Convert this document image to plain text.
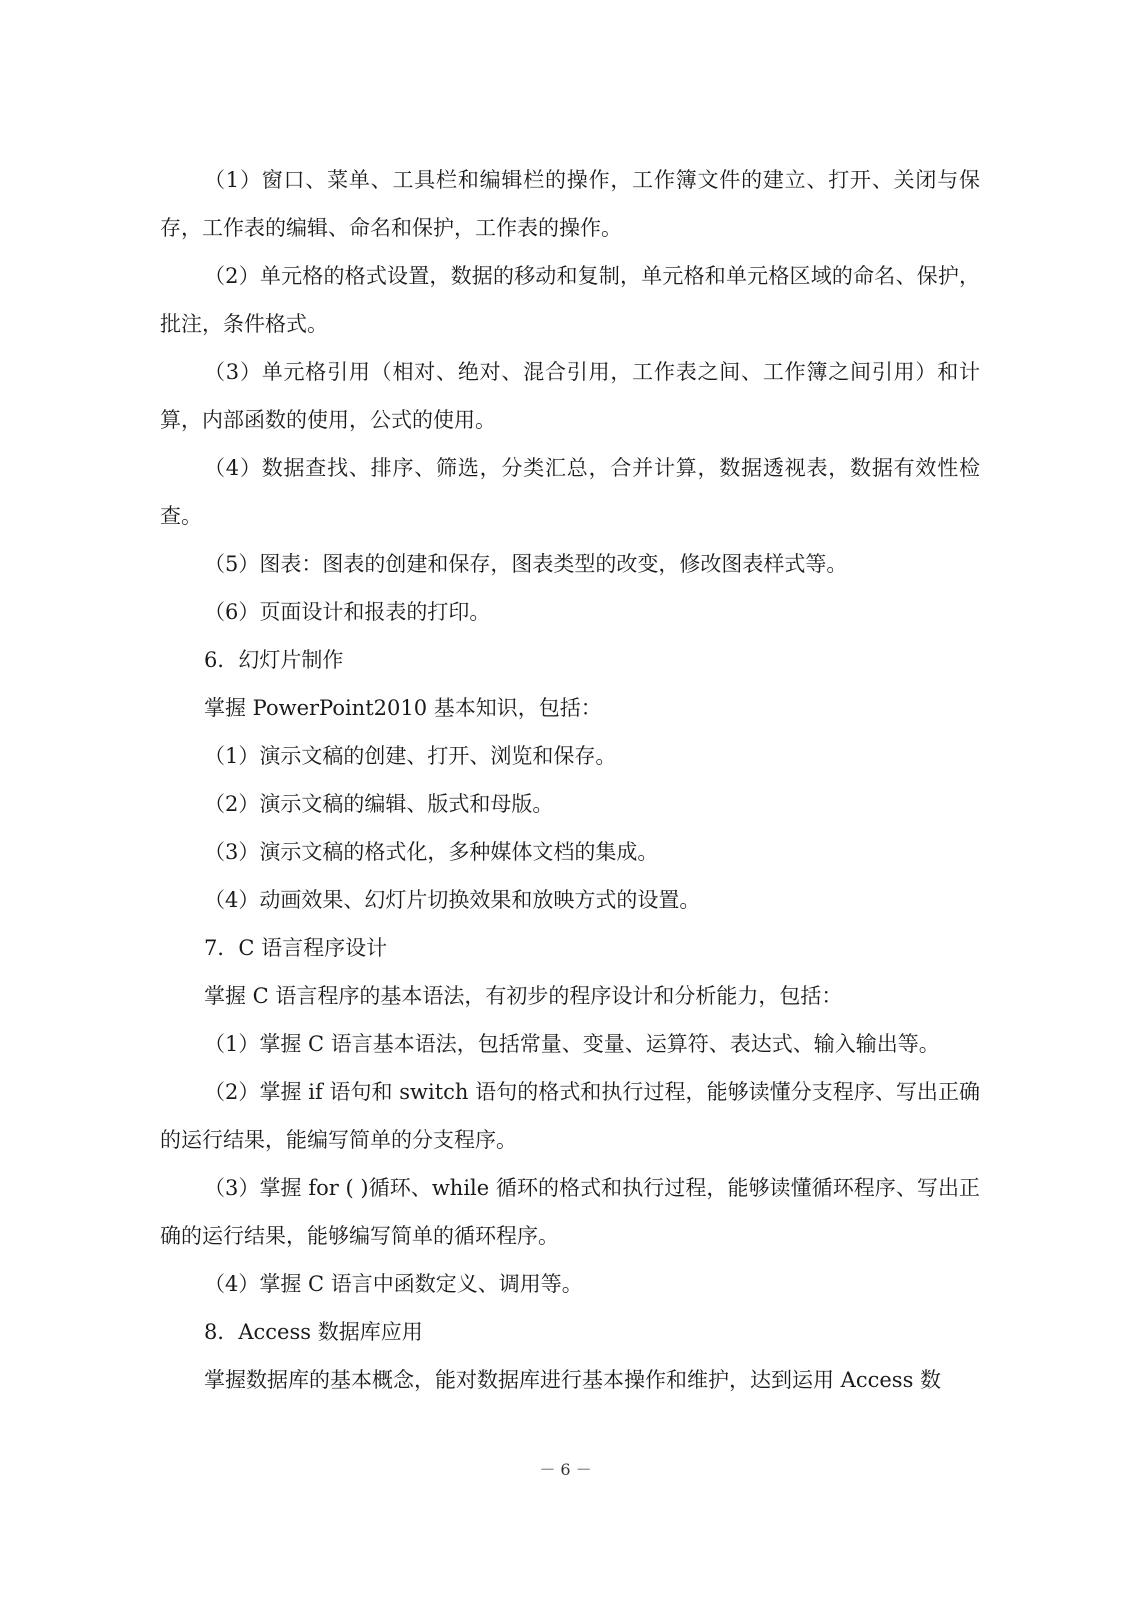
（1）窗口、菜单、工具栏和编辑栏的操作，工作簿文件的建立、打开、关闭与保存，工作表的编辑、命名和保护，工作表的操作。

（2）单元格的格式设置，数据的移动和复制，单元格和单元格区域的命名、保护，批注，条件格式。

（3）单元格引用（相对、绝对、混合引用，工作表之间、工作簿之间引用）和计算，内部函数的使用，公式的使用。

（4）数据查找、排序、筛选，分类汇总，合并计算，数据透视表，数据有效性检查。

（5）图表：图表的创建和保存，图表类型的改变，修改图表样式等。

（6）页面设计和报表的打印。

6．幻灯片制作

掌握 PowerPoint2010 基本知识，包括：

（1）演示文稿的创建、打开、浏览和保存。

（2）演示文稿的编辑、版式和母版。

（3）演示文稿的格式化，多种媒体文档的集成。

（4）动画效果、幻灯片切换效果和放映方式的设置。

7．C 语言程序设计

掌握 C 语言程序的基本语法，有初步的程序设计和分析能力，包括：

（1）掌握 C 语言基本语法，包括常量、变量、运算符、表达式、输入输出等。

（2）掌握 if 语句和 switch 语句的格式和执行过程，能够读懂分支程序、写出正确的运行结果，能编写简单的分支程序。

（3）掌握 for ( )循环、while 循环的格式和执行过程，能够读懂循环程序、写出正确的运行结果，能够编写简单的循环程序。

（4）掌握 C 语言中函数定义、调用等。

8．Access 数据库应用

掌握数据库的基本概念，能对数据库进行基本操作和维护，达到运用 Access 数

－ 6 －
